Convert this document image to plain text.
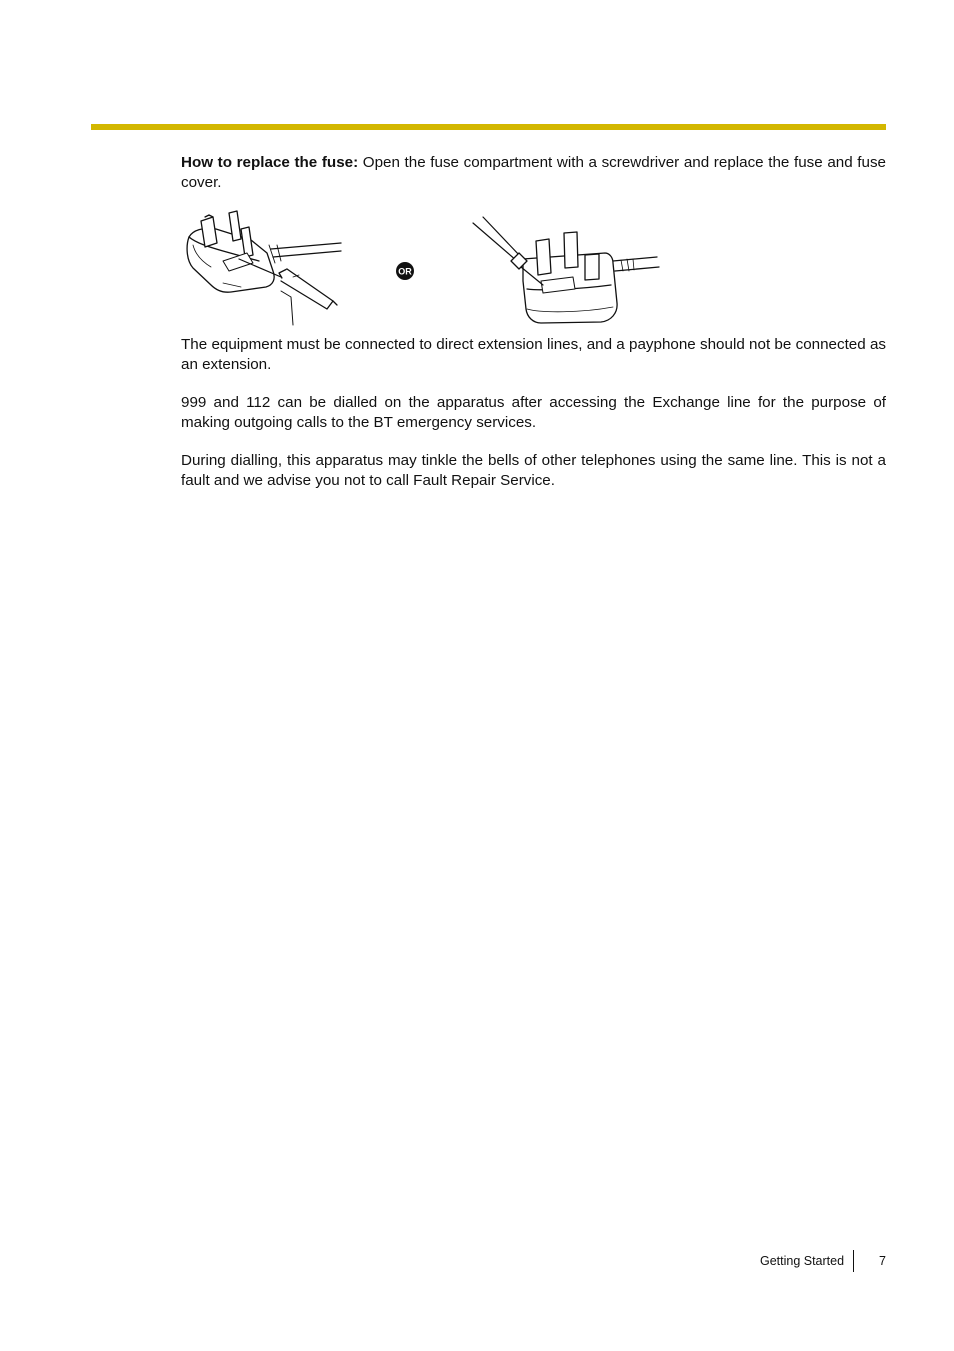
How to replace the fuse: Open the fuse compartment with a screwdriver and replace the fuse and fuse cover.

OR

The equipment must be connected to direct extension lines, and a payphone should not be connected as an extension.

999 and 112 can be dialled on the apparatus after accessing the Exchange line for the purpose of making outgoing calls to the BT emergency services.

During dialling, this apparatus may tinkle the bells of other telephones using the same line. This is not a fault and we advise you not to call Fault Repair Service.

Getting Started	7
